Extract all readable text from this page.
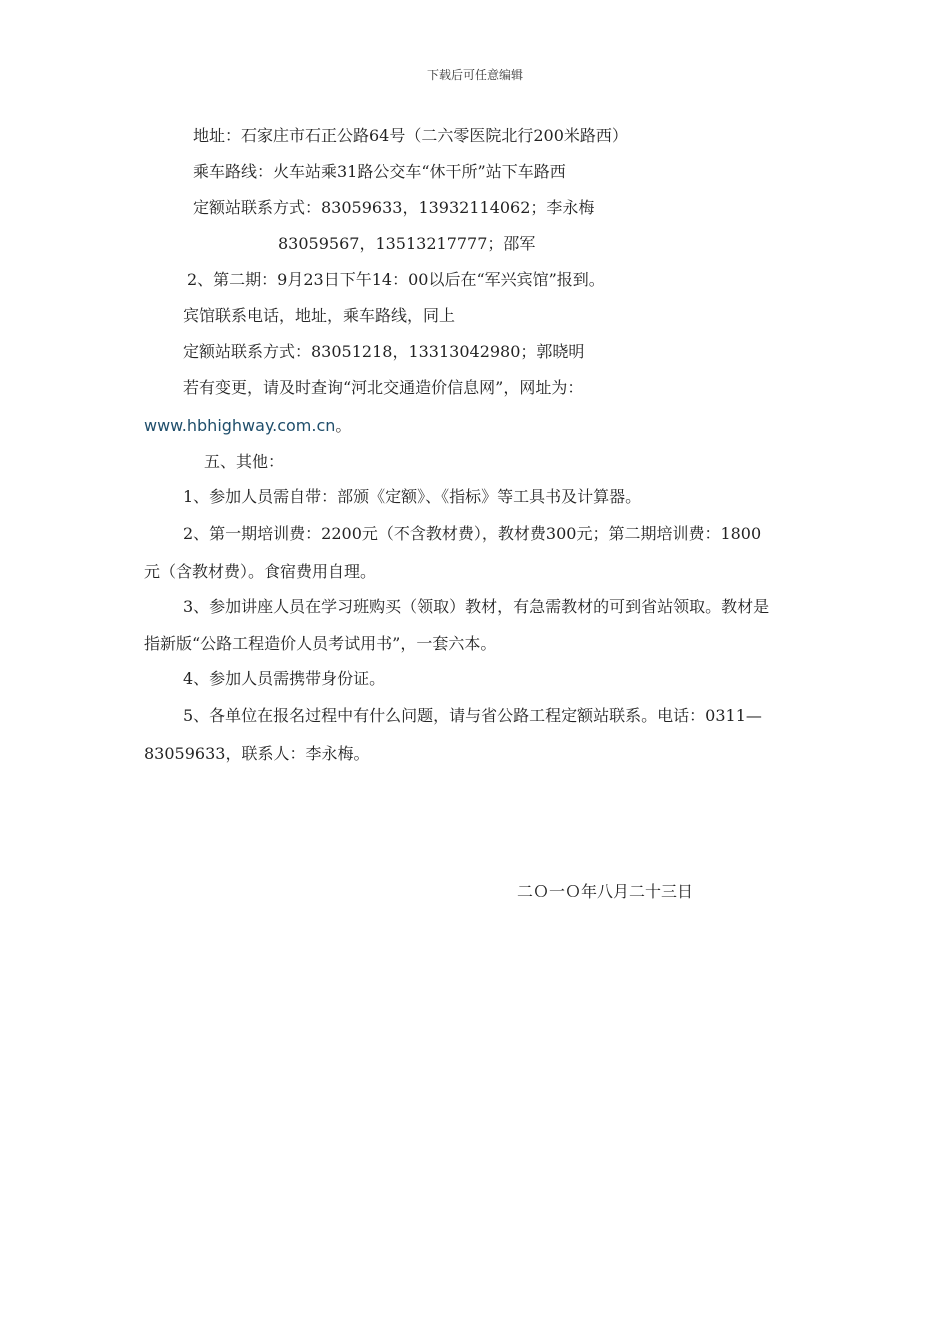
下载后可任意编辑
地址：石家庄市石正公路64号（二六零医院北行200米路西）
乘车路线：火车站乘31路公交车“休干所”站下车路西
定额站联系方式：83059633，13932114062；李永梅
83059567，13513217777；邵军
2、第二期：9月23日下午14：00以后在“军兴宾馆”报到。
宾馆联系电话，地址，乘车路线，同上
定额站联系方式：83051218，13313042980；郭晓明
若有变更，请及时查询“河北交通造价信息网”，网址为：
www.hbhighway.com.cn。
五、其他：
1、参加人员需自带：部颁《定额》、《指标》等工具书及计算器。
2、第一期培训费：2200元（不含教材费），教材费300元；第二期培训费：1800
元（含教材费）。食宿费用自理。
3、参加讲座人员在学习班购买（领取）教材，有急需教材的可到省站领取。教材是
指新版“公路工程造价人员考试用书”，一套六本。
4、参加人员需携带身份证。
5、各单位在报名过程中有什么问题，请与省公路工程定额站联系。电话：0311—
83059633，联系人：李永梅。
二Ｏ一Ｏ年八月二十三日
